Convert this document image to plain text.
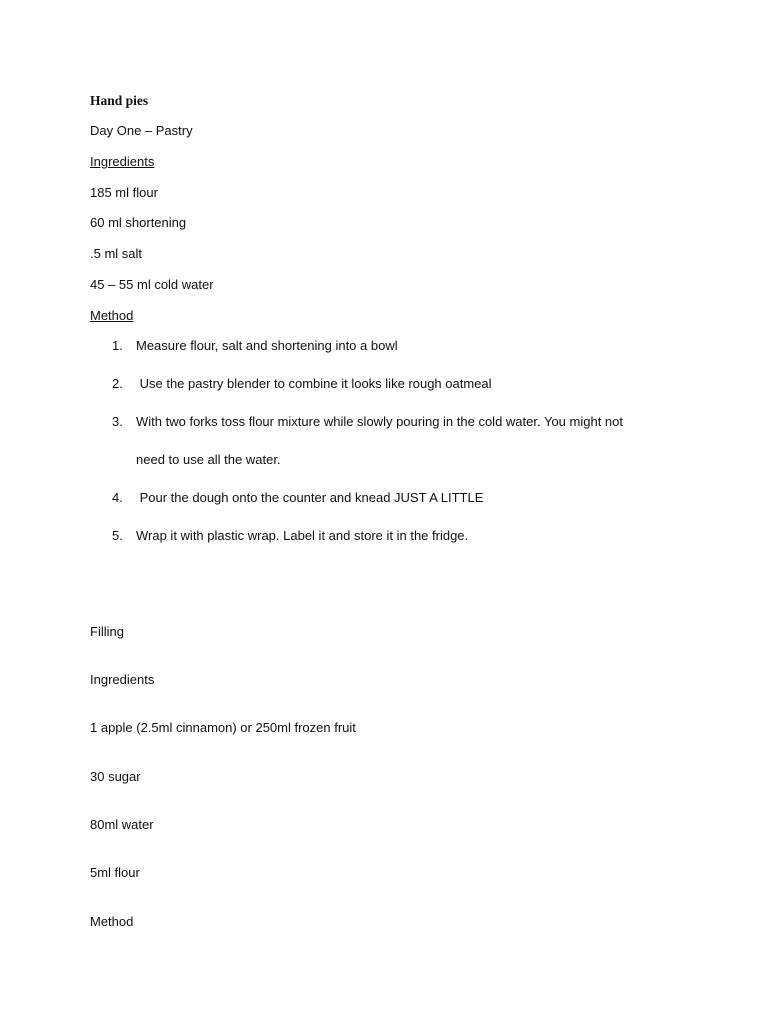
Hand pies
Day One – Pastry
Ingredients
185 ml flour
60 ml shortening
.5 ml salt
45 – 55 ml cold water
Method
1.	Measure flour, salt and shortening into a bowl
2.	Use the pastry blender to combine it looks like rough oatmeal
3.	With two forks toss flour mixture while slowly pouring in the cold water. You might not
need to use all the water.
4.	Pour the dough onto the counter and knead JUST A LITTLE
5.	Wrap it with plastic wrap. Label it and store it in the fridge.
Filling
Ingredients
1 apple (2.5ml cinnamon) or 250ml frozen fruit
30 sugar
80ml water
5ml flour
Method
